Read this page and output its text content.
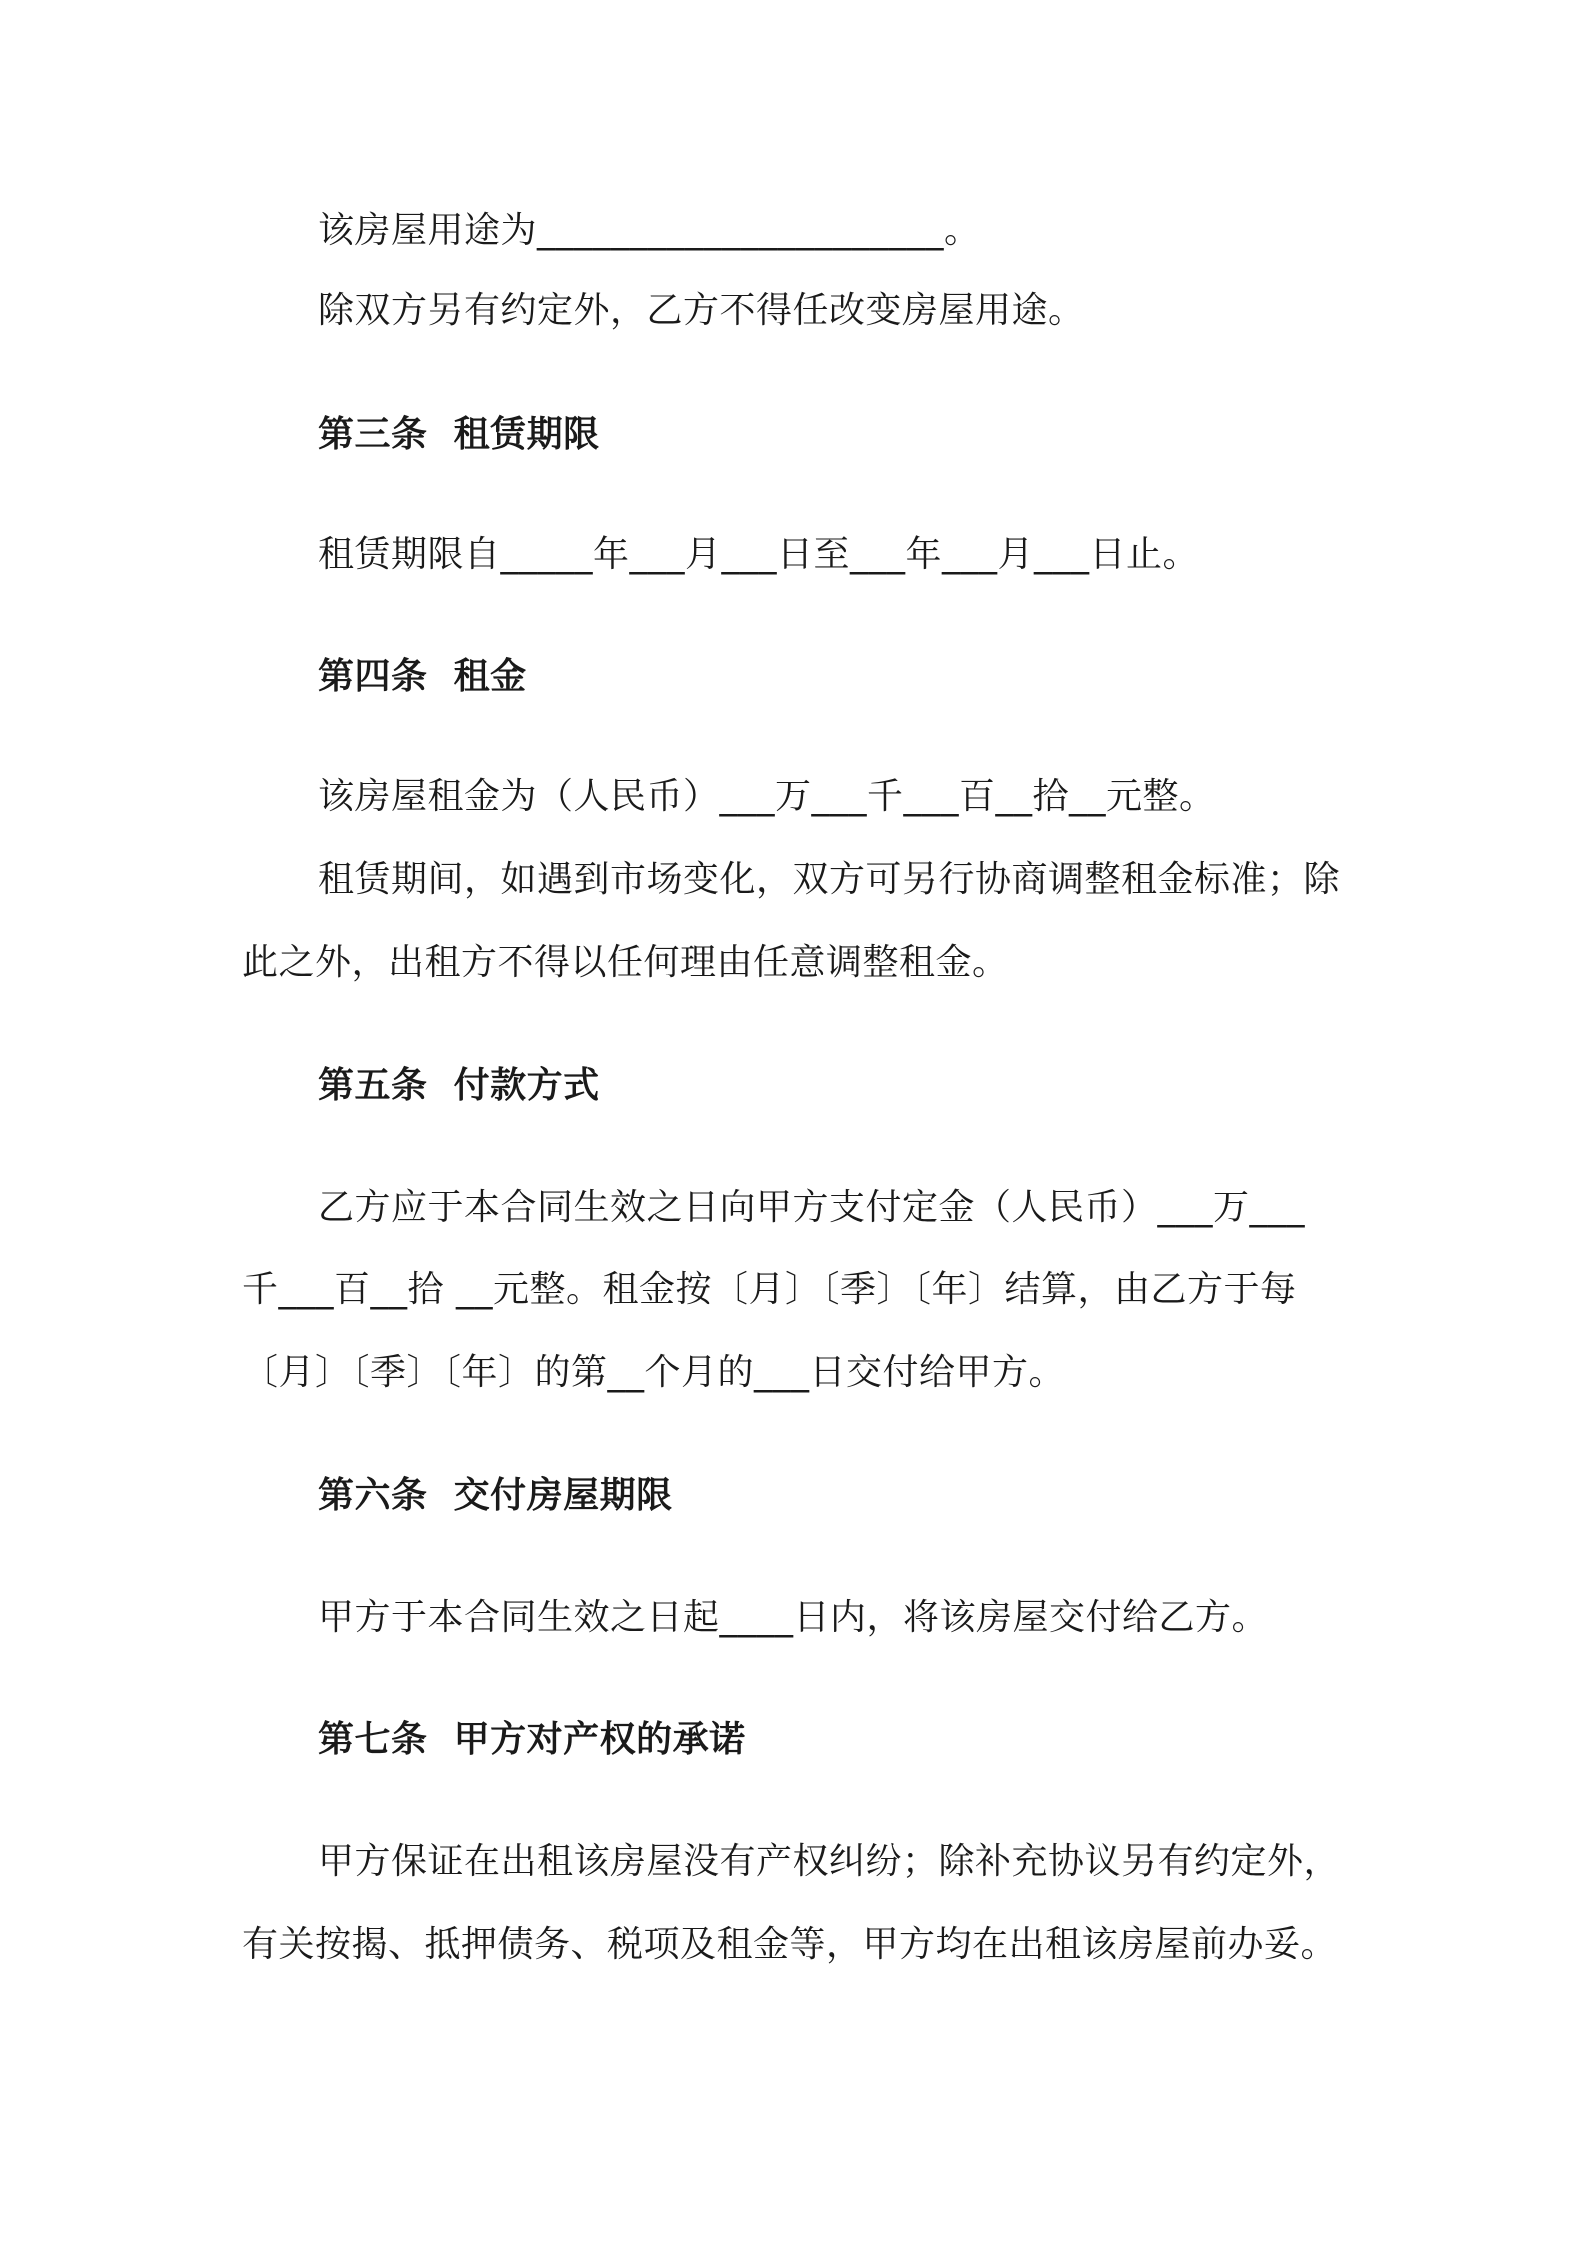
该房屋用途为______________________。
除双方另有约定外，乙方不得任改变房屋用途。
第三条  租赁期限
租赁期限自_____年___月___日至___年___月___日止。
第四条  租金
该房屋租金为（人民币）___万___千___百__拾__元整。
租赁期间，如遇到市场变化，双方可另行协商调整租金标准；除
此之外，出租方不得以任何理由任意调整租金。
第五条  付款方式
乙方应于本合同生效之日向甲方支付定金（人民币）___万___
千___百__拾 __元整。租金按〔月〕〔季〕〔年〕结算，由乙方于每
〔月〕〔季〕〔年〕的第__个月的___日交付给甲方。
第六条  交付房屋期限
甲方于本合同生效之日起____日内，将该房屋交付给乙方。
第七条  甲方对产权的承诺
甲方保证在出租该房屋没有产权纠纷；除补充协议另有约定外，
有关按揭、抵押债务、税项及租金等，甲方均在出租该房屋前办妥。
